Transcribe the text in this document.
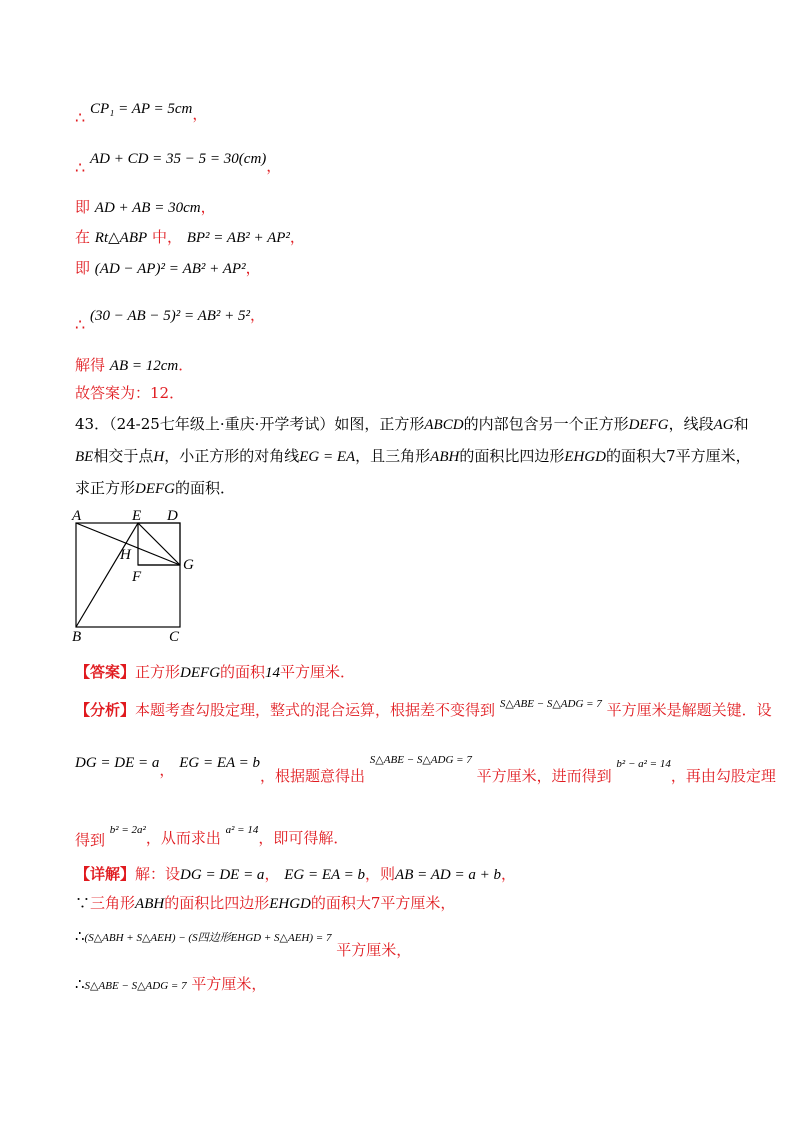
∴ CP₁ = AP = 5cm，
∴ AD + CD = 35 − 5 = 30(cm)，
即 AD + AB = 30cm，
在 Rt△ABP 中， BP² = AB² + AP²，
即 (AD − AP)² = AB² + AP²，
∴ (30 − AB − 5)² = AB² + 5²，
解得 AB = 12cm．
故答案为：12．
43．（24-25七年级上·重庆·开学考试）如图，正方形ABCD的内部包含另一个正方形DEFG，线段AG和
BE相交于点H，小正方形的对角线EG = EA，且三角形ABH的面积比四边形EHGD的面积大7平方厘米，
求正方形DEFG的面积．
A	E D
H
G
F
B	C
【答案】正方形DEFG的面积14平方厘米．
【分析】本题考查勾股定理，整式的混合运算，根据差不变得到 $^{S\triangle ABE - S\triangle ADG = 7}$ 平方厘米是解题关键．设
DG = DE = a， EG = EA = b，根据题意得出 $^{S\triangle ABE - S\triangle ADG = 7}$ 平方厘米，进而得到 b² − a² = 14，再由勾股定理
得到 b² = 2a²，从而求出 a² = 14，即可得解．
【详解】解：设DG = DE = a， EG = EA = b，则AB = AD = a + b，
∵三角形ABH的面积比四边形EHGD的面积大7平方厘米，
∴(S△ABH + S△AEH) − (S四边形EHGD + S△AEH) = 7 平方厘米，
∴S△ABE − S△ADG = 7 平方厘米，
